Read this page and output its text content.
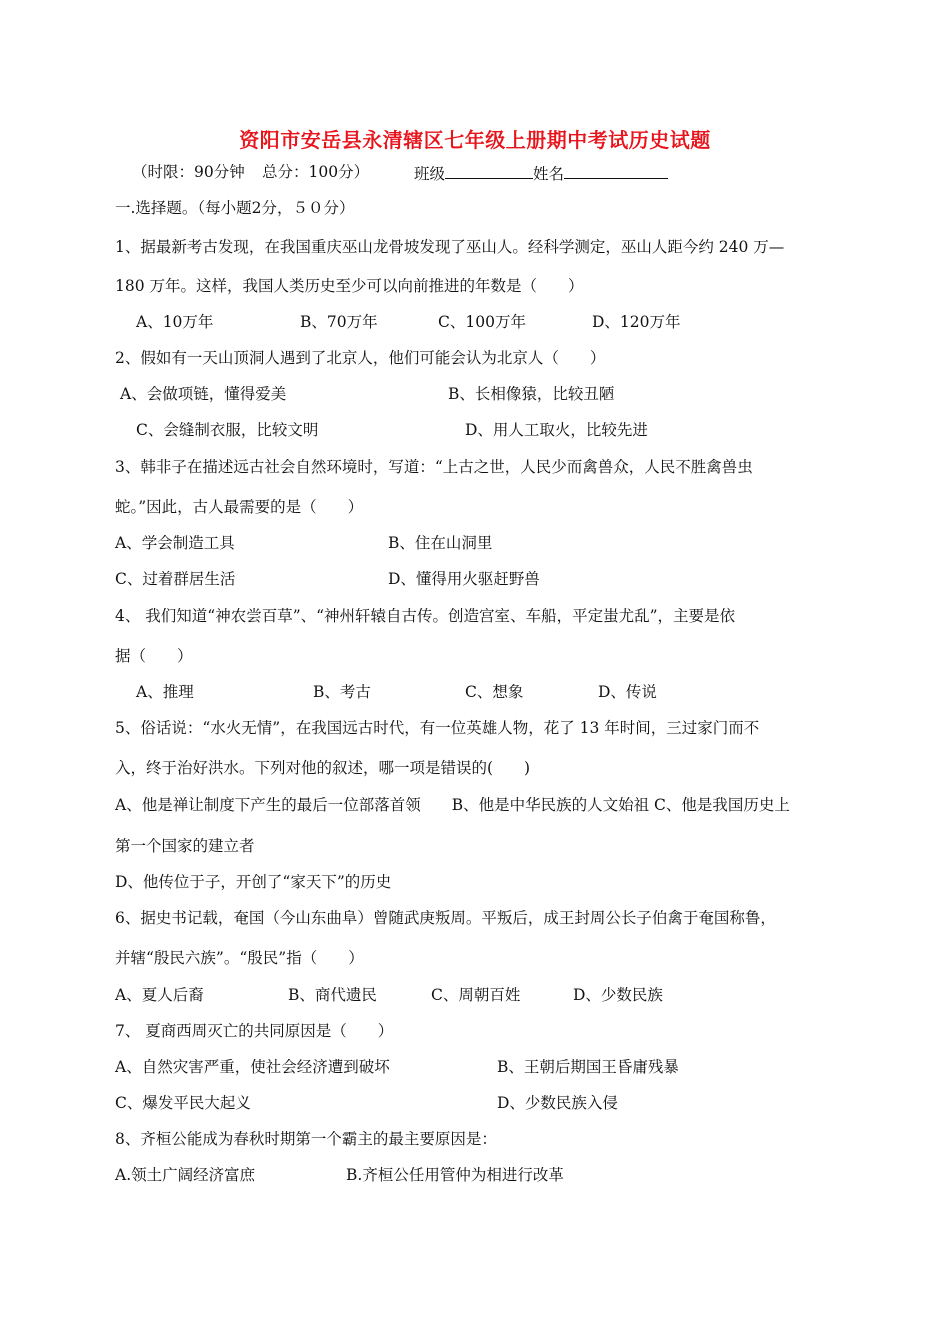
资阳市安岳县永清辖区七年级上册期中考试历史试题
（时限：90分钟 总分：100分）	班级	姓名
一.选择题。（每小题2分，５０分）
1、据最新考古发现，在我国重庆巫山龙骨坡发现了巫山人。经科学测定，巫山人距今约 240 万—
180 万年。这样，我国人类历史至少可以向前推进的年数是（　　）
A、10万年	B、70万年	C、100万年	D、120万年
2、假如有一天山顶洞人遇到了北京人，他们可能会认为北京人（　　）
A、会做项链，懂得爱美	B、长相像猿，比较丑陋
C、会缝制衣服，比较文明	D、用人工取火，比较先进
3、韩非子在描述远古社会自然环境时，写道：“上古之世，人民少而禽兽众，人民不胜禽兽虫
蛇。”因此，古人最需要的是（　　）
A、学会制造工具	B、住在山洞里
C、过着群居生活	D、懂得用火驱赶野兽
4、 我们知道“神农尝百草”、“神州轩辕自古传。创造宫室、车船，平定蚩尤乱”，主要是依
据（　　）
A、推理	B、考古	C、想象	D、传说
5、俗话说：“水火无情”，在我国远古时代，有一位英雄人物，花了 13 年时间，三过家门而不
入，终于治好洪水。下列对他的叙述，哪一项是错误的(　　)
A、他是禅让制度下产生的最后一位部落首领　　B、他是中华民族的人文始祖 C、他是我国历史上
第一个国家的建立者
D、他传位于子，开创了“家天下”的历史
6、据史书记载，奄国（今山东曲阜）曾随武庚叛周。平叛后，成王封周公长子伯禽于奄国称鲁，
并辖“殷民六族”。“殷民”指（　　）
A、夏人后裔	B、商代遗民	C、周朝百姓	D、少数民族
7、 夏商西周灭亡的共同原因是（　　）
A、自然灾害严重，使社会经济遭到破坏	B、王朝后期国王昏庸残暴
C、爆发平民大起义	D、少数民族入侵
8、齐桓公能成为春秋时期第一个霸主的最主要原因是：
A.领土广阔经济富庶	B.齐桓公任用管仲为相进行改革
